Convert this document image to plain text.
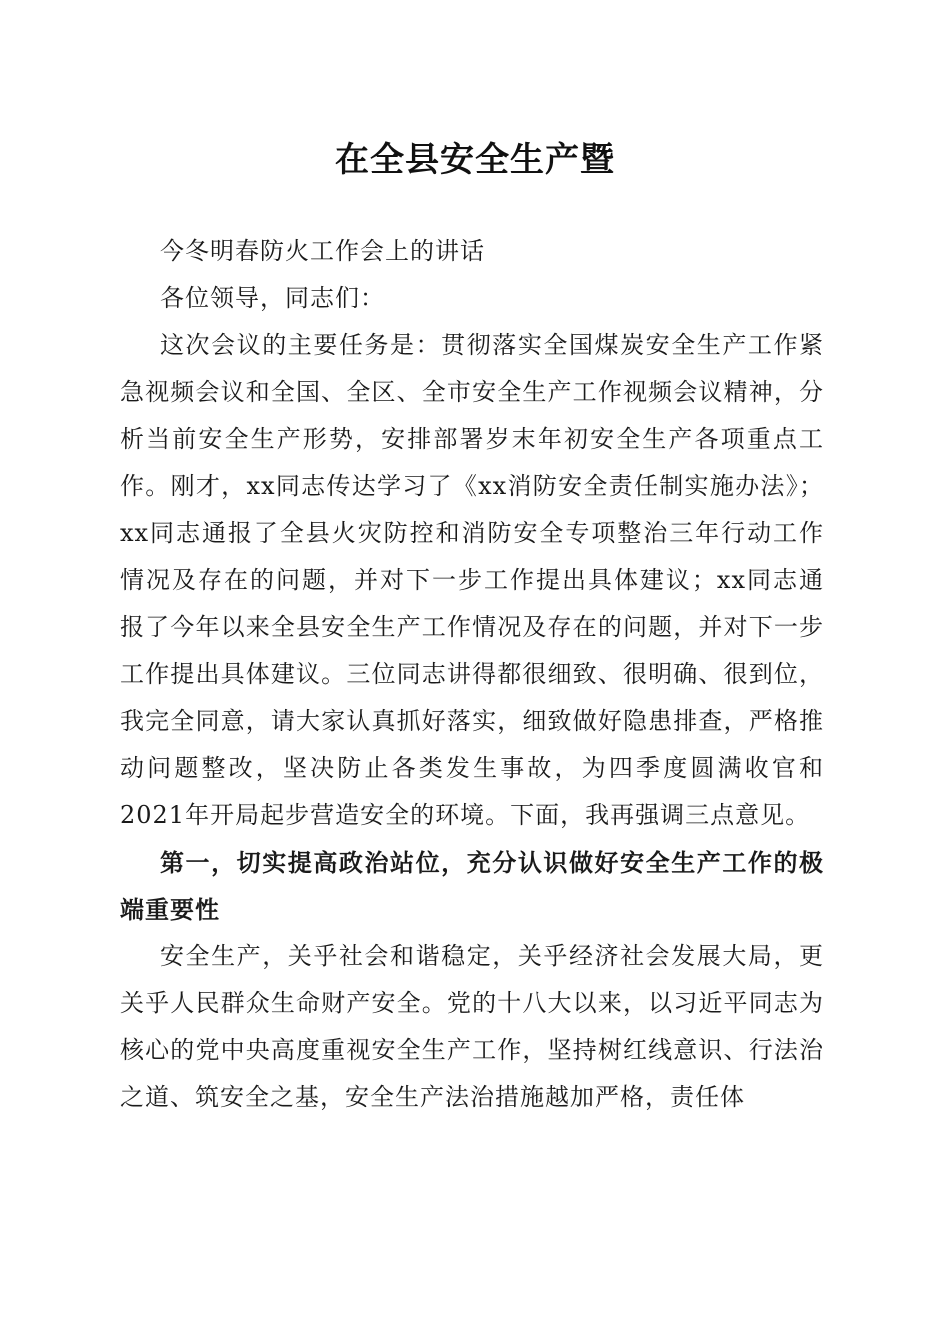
在全县安全生产暨

今冬明春防火工作会上的讲话

各位领导，同志们：

这次会议的主要任务是：贯彻落实全国煤炭安全生产工作紧急视频会议和全国、全区、全市安全生产工作视频会议精神，分析当前安全生产形势，安排部署岁末年初安全生产各项重点工作。刚才，xx同志传达学习了《xx消防安全责任制实施办法》；xx同志通报了全县火灾防控和消防安全专项整治三年行动工作情况及存在的问题，并对下一步工作提出具体建议；xx同志通报了今年以来全县安全生产工作情况及存在的问题，并对下一步工作提出具体建议。三位同志讲得都很细致、很明确、很到位，我完全同意，请大家认真抓好落实，细致做好隐患排查，严格推动问题整改，坚决防止各类发生事故，为四季度圆满收官和2021年开局起步营造安全的环境。下面，我再强调三点意见。

第一，切实提高政治站位，充分认识做好安全生产工作的极端重要性

安全生产，关乎社会和谐稳定，关乎经济社会发展大局，更关乎人民群众生命财产安全。党的十八大以来，以习近平同志为核心的党中央高度重视安全生产工作，坚持树红线意识、行法治之道、筑安全之基，安全生产法治措施越加严格，责任体
